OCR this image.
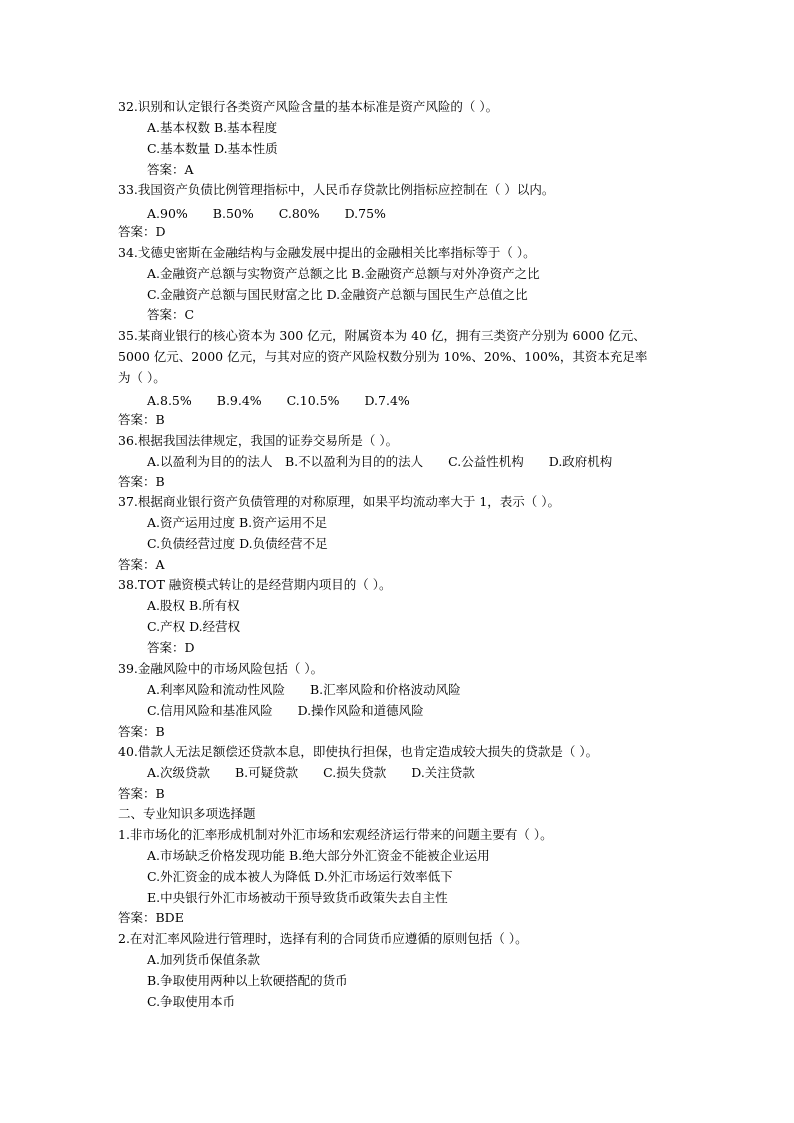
32.识别和认定银行各类资产风险含量的基本标准是资产风险的（ ）。
A.基本权数 B.基本程度
C.基本数量 D.基本性质
答案：A
33.我国资产负债比例管理指标中，人民币存贷款比例指标应控制在（ ）以内。
A.90%　　B.50%　　C.80%　　D.75%
答案：D
34.戈德史密斯在金融结构与金融发展中提出的金融相关比率指标等于（ ）。
A.金融资产总额与实物资产总额之比 B.金融资产总额与对外净资产之比
C.金融资产总额与国民财富之比 D.金融资产总额与国民生产总值之比
答案：C
35.某商业银行的核心资本为 300 亿元，附属资本为 40 亿，拥有三类资产分别为 6000 亿元、
5000 亿元、2000 亿元，与其对应的资产风险权数分别为 10%、20%、100%，其资本充足率
为（ ）。
A.8.5%　　B.9.4%　　C.10.5%　　D.7.4%
答案：B
36.根据我国法律规定，我国的证券交易所是（ ）。
A.以盈利为目的的法人　B.不以盈利为目的的法人　　C.公益性机构　　D.政府机构
答案：B
37.根据商业银行资产负债管理的对称原理，如果平均流动率大于 1，表示（ ）。
A.资产运用过度 B.资产运用不足
C.负债经营过度 D.负债经营不足
答案：A
38.TOT 融资模式转让的是经营期内项目的（ ）。
A.股权 B.所有权
C.产权 D.经营权
答案：D
39.金融风险中的市场风险包括（ ）。
A.利率风险和流动性风险　　B.汇率风险和价格波动风险
C.信用风险和基准风险　　D.操作风险和道德风险
答案：B
40.借款人无法足额偿还贷款本息，即使执行担保，也肯定造成较大损失的贷款是（ ）。
A.次级贷款　　B.可疑贷款　　C.损失贷款　　D.关注贷款
答案：B
二、专业知识多项选择题
1.非市场化的汇率形成机制对外汇市场和宏观经济运行带来的问题主要有（ ）。
A.市场缺乏价格发现功能 B.绝大部分外汇资金不能被企业运用
C.外汇资金的成本被人为降低 D.外汇市场运行效率低下
E.中央银行外汇市场被动干预导致货币政策失去自主性
答案：BDE
2.在对汇率风险进行管理时，选择有利的合同货币应遵循的原则包括（ ）。
A.加列货币保值条款
B.争取使用两种以上软硬搭配的货币
C.争取使用本币
